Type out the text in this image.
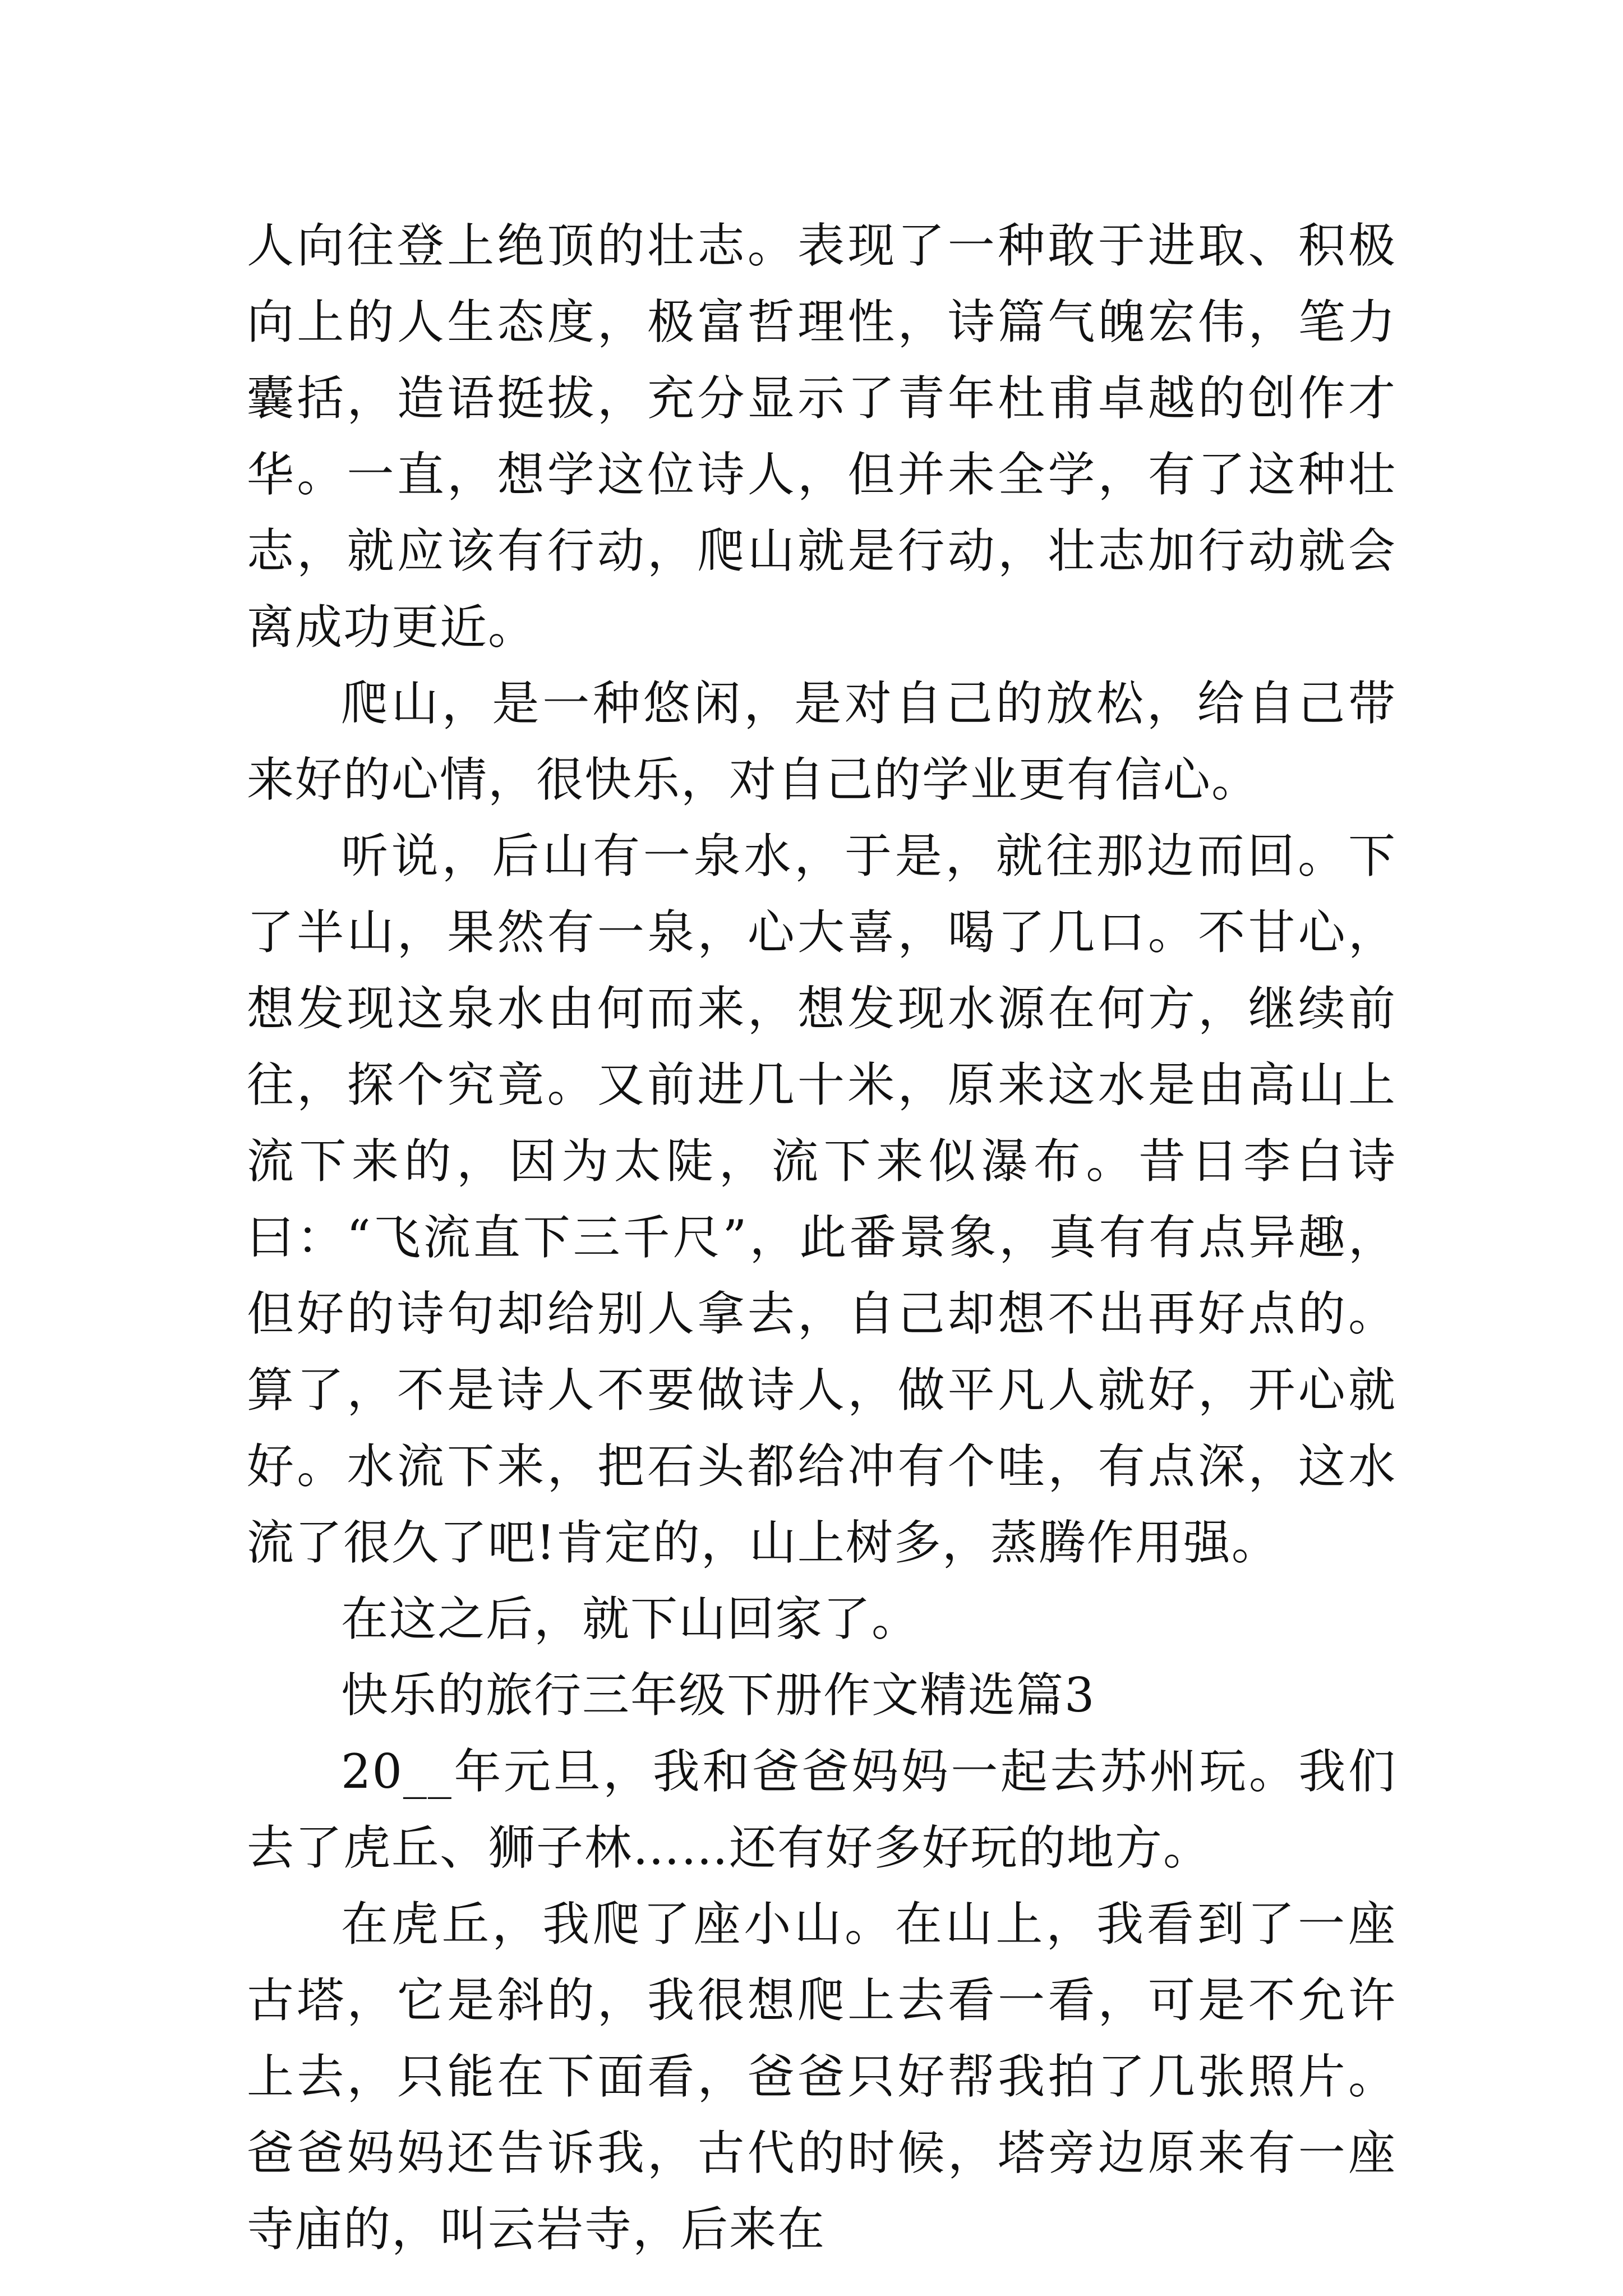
人向往登上绝顶的壮志。表现了一种敢于进取、积极向上的人生态度，极富哲理性，诗篇气魄宏伟，笔力囊括，造语挺拔，充分显示了青年杜甫卓越的创作才华。一直，想学这位诗人，但并未全学，有了这种壮志，就应该有行动，爬山就是行动，壮志加行动就会离成功更近。

爬山，是一种悠闲，是对自己的放松，给自己带来好的心情，很快乐，对自己的学业更有信心。

听说，后山有一泉水，于是，就往那边而回。下了半山，果然有一泉，心大喜，喝了几口。不甘心，想发现这泉水由何而来，想发现水源在何方，继续前往，探个究竟。又前进几十米，原来这水是由高山上流下来的，因为太陡，流下来似瀑布。昔日李白诗曰：“飞流直下三千尺”，此番景象，真有有点异趣，但好的诗句却给别人拿去，自己却想不出再好点的。算了，不是诗人不要做诗人，做平凡人就好，开心就好。水流下来，把石头都给冲有个哇，有点深，这水流了很久了吧!肯定的，山上树多，蒸腾作用强。

在这之后，就下山回家了。

快乐的旅行三年级下册作文精选篇3

20__年元旦，我和爸爸妈妈一起去苏州玩。我们去了虎丘、狮子林……还有好多好玩的地方。

在虎丘，我爬了座小山。在山上，我看到了一座古塔，它是斜的，我很想爬上去看一看，可是不允许上去，只能在下面看，爸爸只好帮我拍了几张照片。爸爸妈妈还告诉我，古代的时候，塔旁边原来有一座寺庙的，叫云岩寺，后来在
